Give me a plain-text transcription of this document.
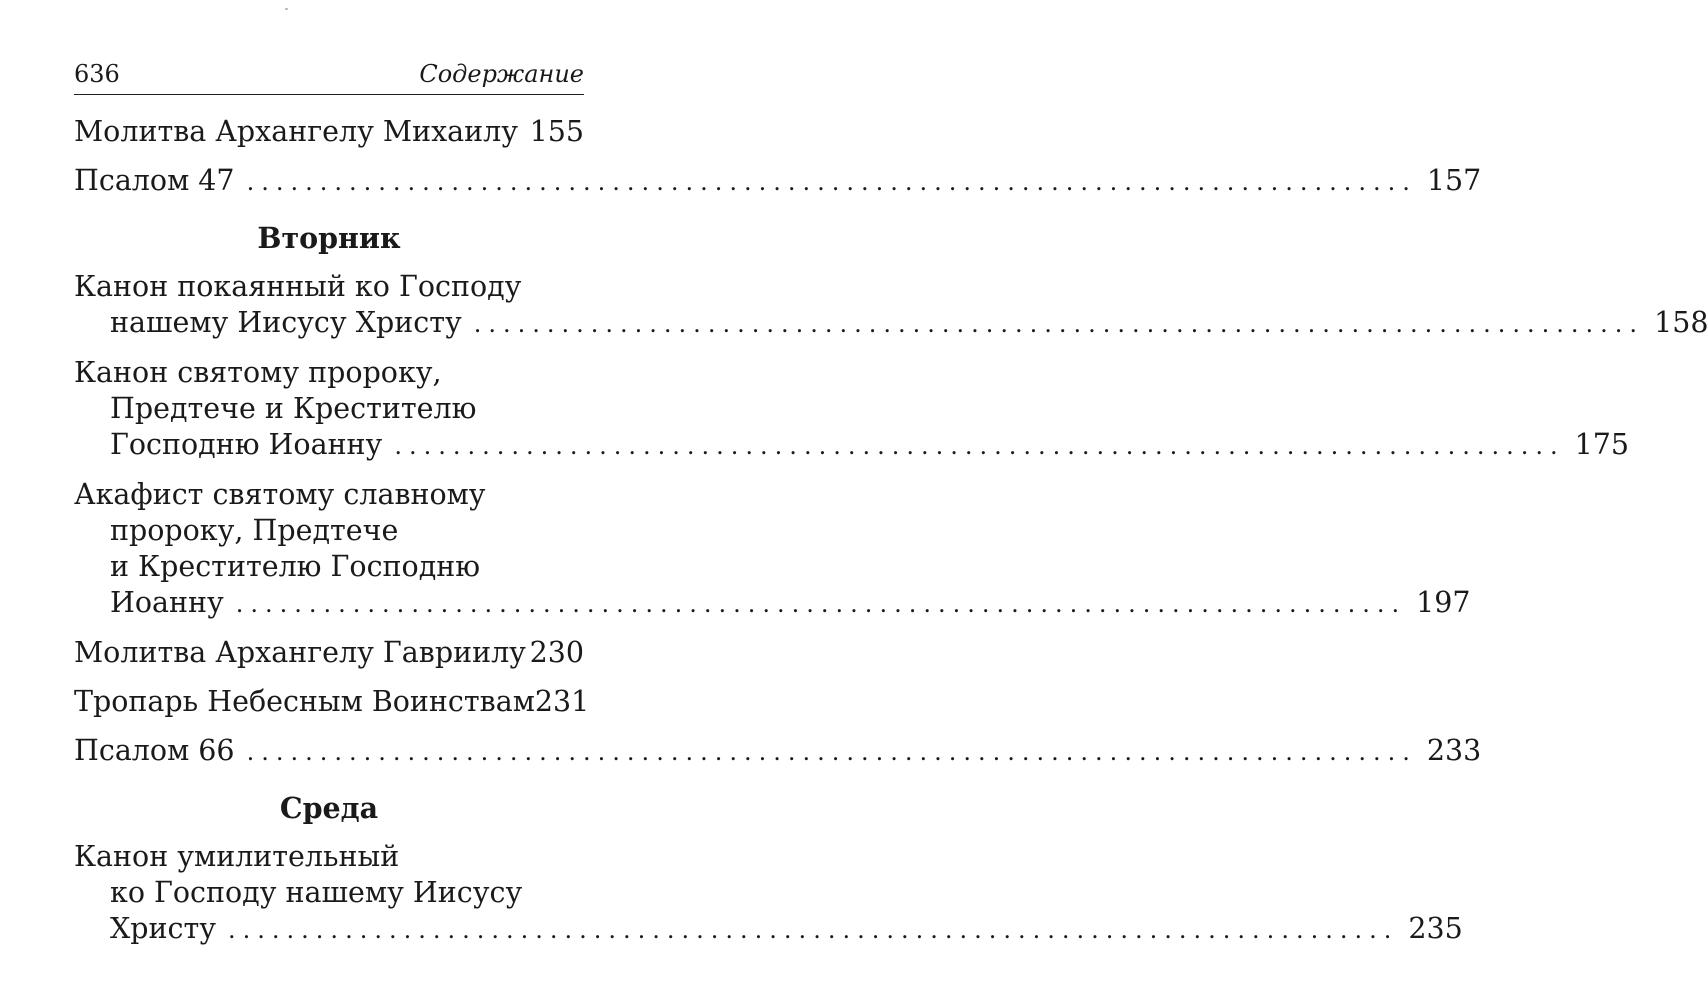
636	Содержание
Молитва Архангелу Михаилу 155
Псалом 47 ................................................................................ 157
Вторник
Канон покаянный ко Господу
нашему Иисусу Христу ................................................................................ 158
Канон святому пророку,
Предтече и Крестителю
Господню Иоанну ................................................................................ 175
Акафист святому славному
пророку, Предтече
и Крестителю Господню
Иоанну ................................................................................ 197
Молитва Архангелу Гавриилу 230
Тропарь Небесным Воинствам 231
Псалом 66 ................................................................................ 233
Среда
Канон умилительный
ко Господу нашему Иисусу
Христу ................................................................................ 235
